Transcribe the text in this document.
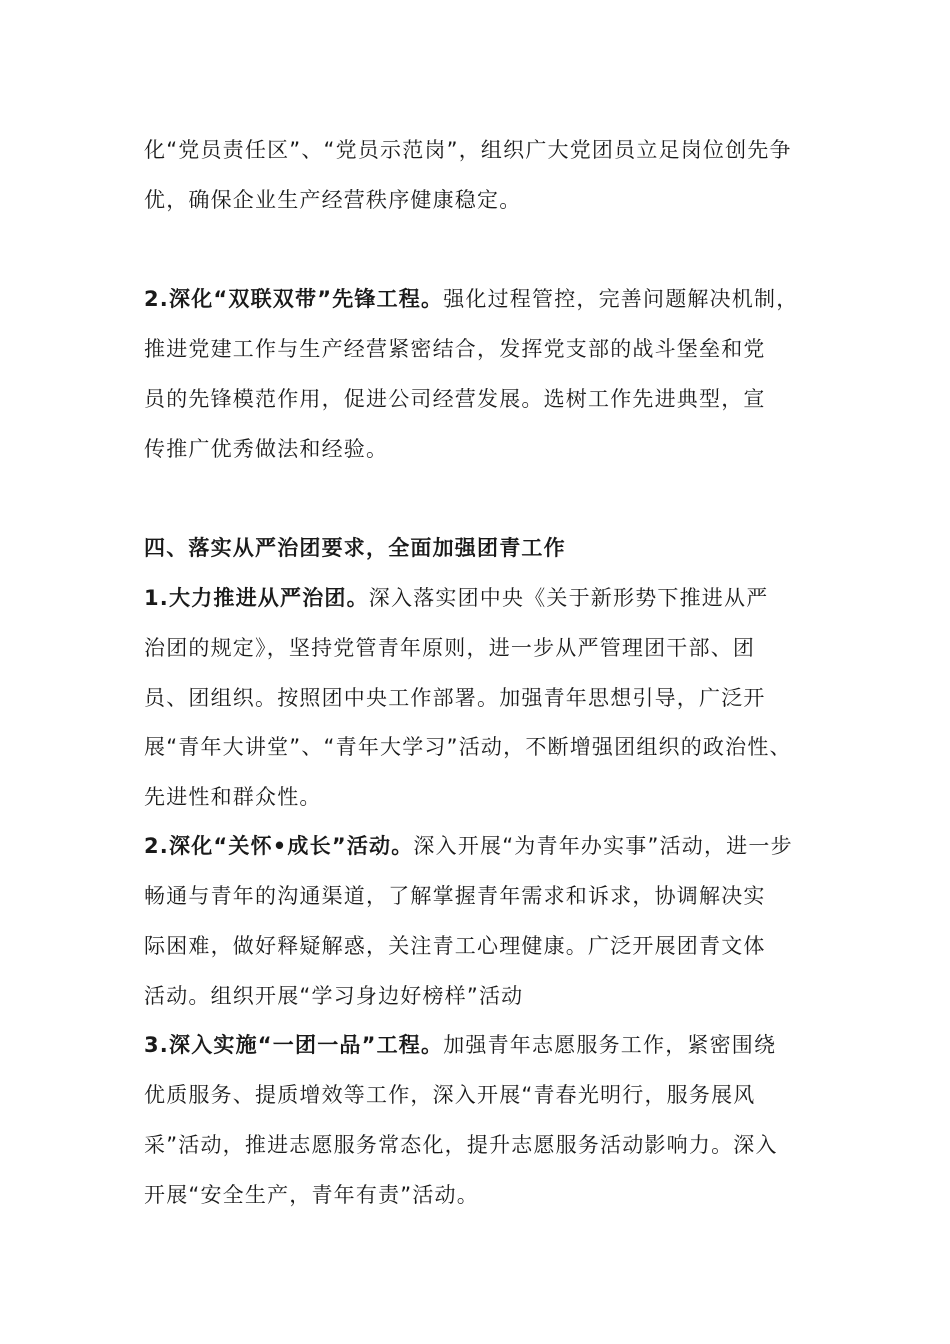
化“党员责任区”、“党员示范岗”，组织广大党团员立足岗位创先争
优，确保企业生产经营秩序健康稳定。
2.深化“双联双带”先锋工程。强化过程管控，完善问题解决机制，
推进党建工作与生产经营紧密结合，发挥党支部的战斗堡垒和党
员的先锋模范作用，促进公司经营发展。选树工作先进典型，宣
传推广优秀做法和经验。
四、落实从严治团要求，全面加强团青工作
1.大力推进从严治团。深入落实团中央《关于新形势下推进从严
治团的规定》，坚持党管青年原则，进一步从严管理团干部、团
员、团组织。按照团中央工作部署。加强青年思想引导，广泛开
展“青年大讲堂”、“青年大学习”活动，不断增强团组织的政治性、
先进性和群众性。
2.深化“关怀•成长”活动。深入开展“为青年办实事”活动，进一步
畅通与青年的沟通渠道，了解掌握青年需求和诉求，协调解决实
际困难，做好释疑解惑，关注青工心理健康。广泛开展团青文体
活动。组织开展“学习身边好榜样”活动
3.深入实施“一团一品”工程。加强青年志愿服务工作，紧密围绕
优质服务、提质增效等工作，深入开展“青春光明行，服务展风
采”活动，推进志愿服务常态化，提升志愿服务活动影响力。深入
开展“安全生产，青年有责”活动。
